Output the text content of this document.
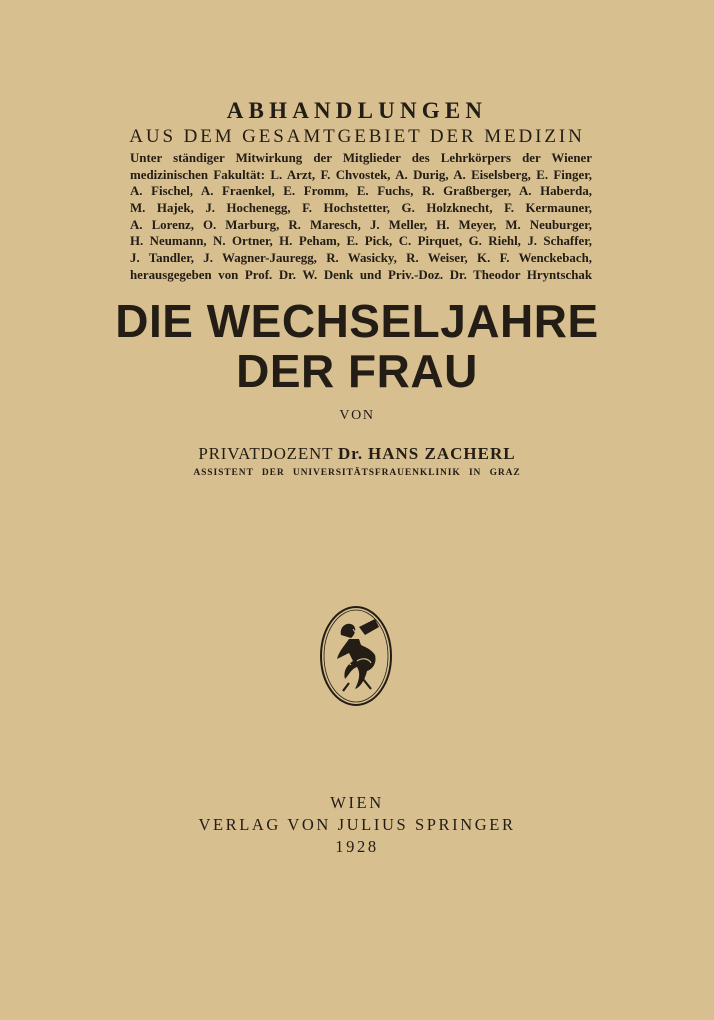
ABHANDLUNGEN
AUS DEM GESAMTGEBIET DER MEDIZIN
Unter ständiger Mitwirkung der Mitglieder des Lehrkörpers der Wiener
medizinischen Fakultät: L. Arzt, F. Chvostek, A. Durig, A. Eiselsberg, E. Finger,
A. Fischel, A. Fraenkel, E. Fromm, E. Fuchs, R. Graßberger, A. Haberda,
M. Hajek, J. Hochenegg, F. Hochstetter, G. Holzknecht, F. Kermauner,
A. Lorenz, O. Marburg, R. Maresch, J. Meller, H. Meyer, M. Neuburger,
H. Neumann, N. Ortner, H. Peham, E. Pick, C. Pirquet, G. Riehl, J. Schaffer,
J. Tandler, J. Wagner-Jauregg, R. Wasicky, R. Weiser, K. F. Wenckebach,
herausgegeben von Prof. Dr. W. Denk und Priv.-Doz. Dr. Theodor Hryntschak
DIE WECHSELJAHRE
DER FRAU
VON
PRIVATDOZENT Dr. HANS ZACHERL
ASSISTENT DER UNIVERSITÄTSFRAUENKLINIK IN GRAZ
WIEN
VERLAG VON JULIUS SPRINGER
1928
